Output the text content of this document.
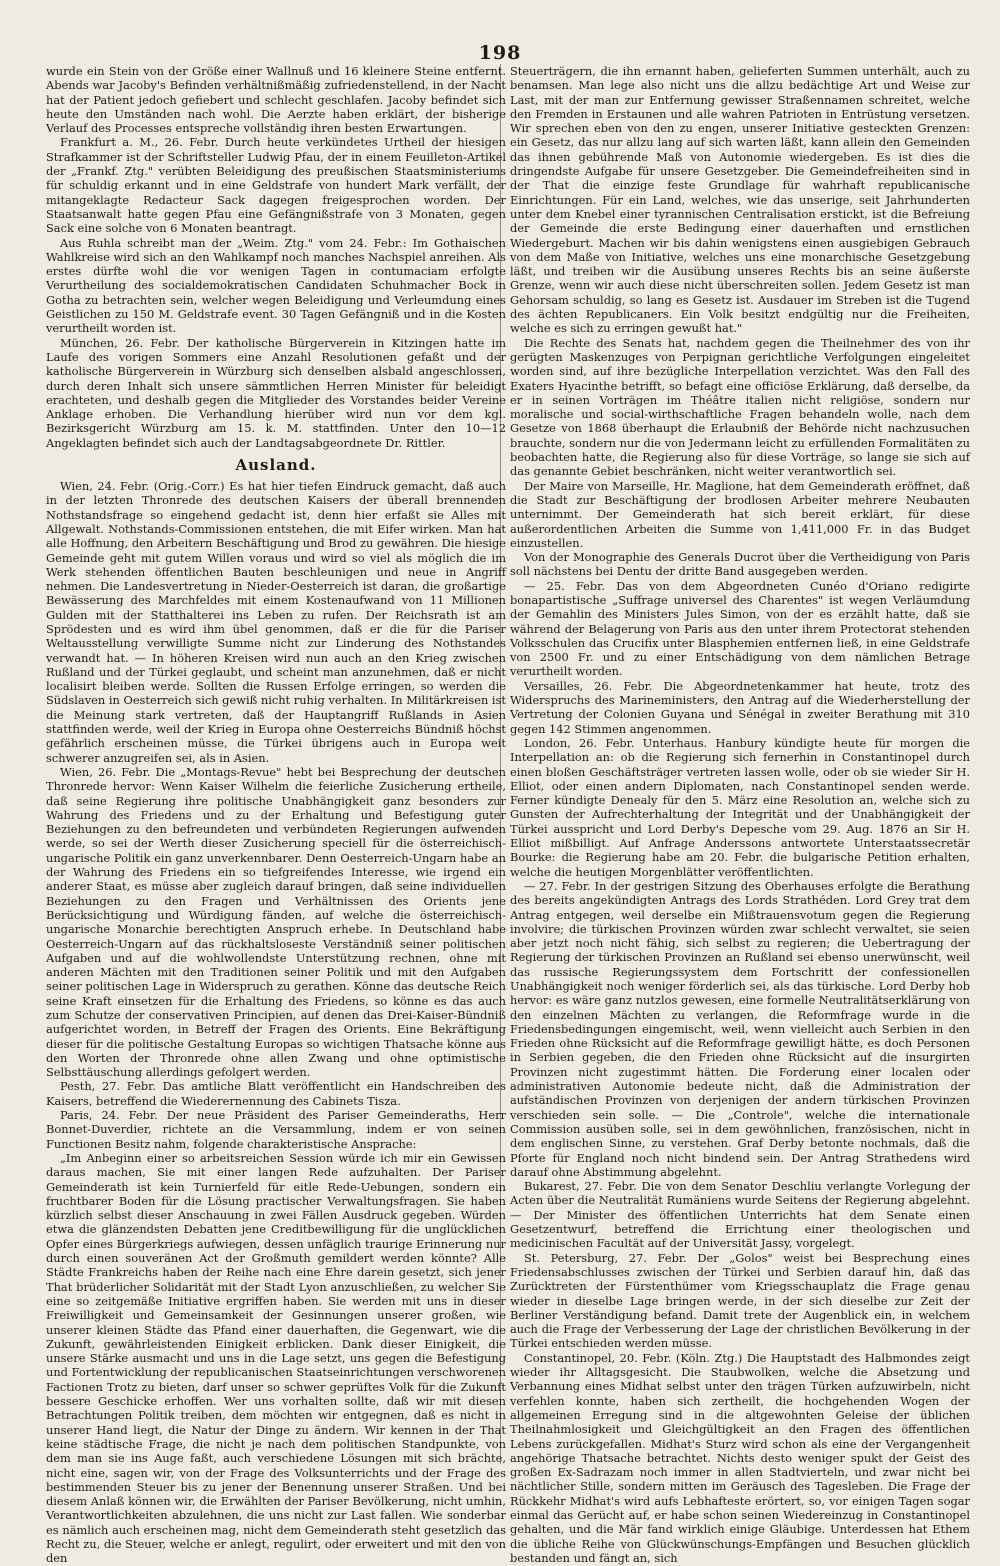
198

wurde ein Stein von der Größe einer Wallnuß und 16 kleinere Steine entfernt. Abends war Jacoby's Befinden verhältnißmäßig zufriedenstellend, in der Nacht hat der Patient jedoch gefiebert und schlecht geschlafen. Jacoby befindet sich heute den Umständen nach wohl. Die Aerzte haben erklärt, der bisherige Verlauf des Processes entspreche vollständig ihren besten Erwartungen.

Frankfurt a. M., 26. Febr. Durch heute verkündetes Urtheil der hiesigen Strafkammer ist der Schriftsteller Ludwig Pfau, der in einem Feuilleton-Artikel der „Frankf. Ztg." verübten Beleidigung des preußischen Staatsministeriums für schuldig erkannt und in eine Geldstrafe von hundert Mark verfällt, der mitangeklagte Redacteur Sack dagegen freigesprochen worden. Der Staatsanwalt hatte gegen Pfau eine Gefängnißstrafe von 3 Monaten, gegen Sack eine solche von 6 Monaten beantragt.

Aus Ruhla schreibt man der „Weim. Ztg." vom 24. Febr.: Im Gothaischen Wahlkreise wird sich an den Wahlkampf noch manches Nachspiel anreihen. Als erstes dürfte wohl die vor wenigen Tagen in contumaciam erfolgte Verurtheilung des socialdemokratischen Candidaten Schuhmacher Bock in Gotha zu betrachten sein, welcher wegen Beleidigung und Verleumdung eines Geistlichen zu 150 M. Geldstrafe event. 30 Tagen Gefängniß und in die Kosten verurtheilt worden ist.

München, 26. Febr. Der katholische Bürgerverein in Kitzingen hatte im Laufe des vorigen Sommers eine Anzahl Resolutionen gefaßt und der katholische Bürgerverein in Würzburg sich denselben alsbald angeschlossen, durch deren Inhalt sich unsere sämmtlichen Herren Minister für beleidigt erachteten, und deshalb gegen die Mitglieder des Vorstandes beider Vereine Anklage erhoben. Die Verhandlung hierüber wird nun vor dem kgl. Bezirksgericht Würzburg am 15. k. M. stattfinden. Unter den 10—12 Angeklagten befindet sich auch der Landtagsabgeordnete Dr. Rittler.

Ausland.

Wien, 24. Febr. (Orig.-Corr.) Es hat hier tiefen Eindruck gemacht, daß auch in der letzten Thronrede des deutschen Kaisers der überall brennenden Nothstandsfrage so eingehend gedacht ist, denn hier erfaßt sie Alles mit Allgewalt. Nothstands-Commissionen entstehen, die mit Eifer wirken. Man hat alle Hoffnung, den Arbeitern Beschäftigung und Brod zu gewähren. Die hiesige Gemeinde geht mit gutem Willen voraus und wird so viel als möglich die im Werk stehenden öffentlichen Bauten beschleunigen und neue in Angriff nehmen. Die Landesvertretung in Nieder-Oesterreich ist daran, die großartige Bewässerung des Marchfeldes mit einem Kostenaufwand von 11 Millionen Gulden mit der Statthalterei ins Leben zu rufen. Der Reichsrath ist am Sprödesten und es wird ihm übel genommen, daß er die für die Pariser Weltausstellung verwilligte Summe nicht zur Linderung des Nothstandes verwandt hat. — In höheren Kreisen wird nun auch an den Krieg zwischen Rußland und der Türkei geglaubt, und scheint man anzunehmen, daß er nicht localisirt bleiben werde. Sollten die Russen Erfolge erringen, so werden die Südslaven in Oesterreich sich gewiß nicht ruhig verhalten. In Militärkreisen ist die Meinung stark vertreten, daß der Hauptangriff Rußlands in Asien stattfinden werde, weil der Krieg in Europa ohne Oesterreichs Bündniß höchst gefährlich erscheinen müsse, die Türkei übrigens auch in Europa weit schwerer anzugreifen sei, als in Asien.

Wien, 26. Febr. Die „Montags-Revue" hebt bei Besprechung der deutschen Thronrede hervor: Wenn Kaiser Wilhelm die feierliche Zusicherung ertheile, daß seine Regierung ihre politische Unabhängigkeit ganz besonders zur Wahrung des Friedens und zu der Erhaltung und Befestigung guter Beziehungen zu den befreundeten und verbündeten Regierungen aufwenden werde, so sei der Werth dieser Zusicherung speciell für die österreichisch-ungarische Politik ein ganz unverkennbarer. Denn Oesterreich-Ungarn habe an der Wahrung des Friedens ein so tiefgreifendes Interesse, wie irgend ein anderer Staat, es müsse aber zugleich darauf bringen, daß seine individuellen Beziehungen zu den Fragen und Verhältnissen des Orients jene Berücksichtigung und Würdigung fänden, auf welche die österreichisch-ungarische Monarchie berechtigten Anspruch erhebe. In Deutschland habe Oesterreich-Ungarn auf das rückhaltsloseste Verständniß seiner politischen Aufgaben und auf die wohlwollendste Unterstützung rechnen, ohne mit anderen Mächten mit den Traditionen seiner Politik und mit den Aufgaben seiner politischen Lage in Widerspruch zu gerathen. Könne das deutsche Reich seine Kraft einsetzen für die Erhaltung des Friedens, so könne es das auch zum Schutze der conservativen Principien, auf denen das Drei-Kaiser-Bündniß aufgerichtet worden, in Betreff der Fragen des Orients. Eine Bekräftigung dieser für die politische Gestaltung Europas so wichtigen Thatsache könne aus den Worten der Thronrede ohne allen Zwang und ohne optimistische Selbsttäuschung allerdings gefolgert werden.

Pesth, 27. Febr. Das amtliche Blatt veröffentlicht ein Handschreiben des Kaisers, betreffend die Wiederernennung des Cabinets Tisza.

Paris, 24. Febr. Der neue Präsident des Pariser Gemeinderaths, Herr Bonnet-Duverdier, richtete an die Versammlung, indem er von seinen Functionen Besitz nahm, folgende charakteristische Ansprache:

„Im Anbeginn einer so arbeitsreichen Session würde ich mir ein Gewissen daraus machen, Sie mit einer langen Rede aufzuhalten. Der Pariser Gemeinderath ist kein Turnierfeld für eitle Rede-Uebungen, sondern ein fruchtbarer Boden für die Lösung practischer Verwaltungsfragen. Sie haben kürzlich selbst dieser Anschauung in zwei Fällen Ausdruck gegeben. Würden etwa die glänzendsten Debatten jene Creditbewilligung für die unglücklichen Opfer eines Bürgerkriegs aufwiegen, dessen unfäglich traurige Erinnerung nur durch einen souveränen Act der Großmuth gemildert werden könnte? Alle Städte Frankreichs haben der Reihe nach eine Ehre darein gesetzt, sich jener That brüderlicher Solidarität mit der Stadt Lyon anzuschließen, zu welcher Sie eine so zeitgemäße Initiative ergriffen haben. Sie werden mit uns in dieser Freiwilligkeit und Gemeinsamkeit der Gesinnungen unserer großen, wie unserer kleinen Städte das Pfand einer dauerhaften, die Gegenwart, wie die Zukunft, gewährleistenden Einigkeit erblicken. Dank dieser Einigkeit, die unsere Stärke ausmacht und uns in die Lage setzt, uns gegen die Befestigung und Fortentwicklung der republicanischen Staatseinrichtungen verschworenen Factionen Trotz zu bieten, darf unser so schwer geprüftes Volk für die Zukunft bessere Geschicke erhoffen. Wer uns vorhalten sollte, daß wir mit diesen Betrachtungen Politik treiben, dem möchten wir entgegnen, daß es nicht in unserer Hand liegt, die Natur der Dinge zu ändern. Wir kennen in der That keine städtische Frage, die nicht je nach dem politischen Standpunkte, von dem man sie ins Auge faßt, auch verschiedene Lösungen mit sich brächte, nicht eine, sagen wir, von der Frage des Volksunterrichts und der Frage des bestimmenden Steuer bis zu jener der Benennung unserer Straßen. Und bei diesem Anlaß können wir, die Erwählten der Pariser Bevölkerung, nicht umhin, Verantwortlichkeiten abzulehnen, die uns nicht zur Last fallen. Wie sonderbar es nämlich auch erscheinen mag, nicht dem Gemeinderath steht gesetzlich das Recht zu, die Steuer, welche er anlegt, regulirt, oder erweitert und mit den von den

Steuerträgern, die ihn ernannt haben, gelieferten Summen unterhält, auch zu benamsen. Man lege also nicht uns die allzu bedächtige Art und Weise zur Last, mit der man zur Entfernung gewisser Straßennamen schreitet, welche den Fremden in Erstaunen und alle wahren Patrioten in Entrüstung versetzen. Wir sprechen eben von den zu engen, unserer Initiative gesteckten Grenzen: ein Gesetz, das nur allzu lang auf sich warten läßt, kann allein den Gemeinden das ihnen gebührende Maß von Autonomie wiedergeben. Es ist dies die dringendste Aufgabe für unsere Gesetzgeber. Die Gemeindefreiheiten sind in der That die einzige feste Grundlage für wahrhaft republicanische Einrichtungen. Für ein Land, welches, wie das unserige, seit Jahrhunderten unter dem Knebel einer tyrannischen Centralisation erstickt, ist die Befreiung der Gemeinde die erste Bedingung einer dauerhaften und ernstlichen Wiedergeburt. Machen wir bis dahin wenigstens einen ausgiebigen Gebrauch von dem Maße von Initiative, welches uns eine monarchische Gesetzgebung läßt, und treiben wir die Ausübung unseres Rechts bis an seine äußerste Grenze, wenn wir auch diese nicht überschreiten sollen. Jedem Gesetz ist man Gehorsam schuldig, so lang es Gesetz ist. Ausdauer im Streben ist die Tugend des ächten Republicaners. Ein Volk besitzt endgültig nur die Freiheiten, welche es sich zu erringen gewußt hat."

Die Rechte des Senats hat, nachdem gegen die Theilnehmer des von ihr gerügten Maskenzuges von Perpignan gerichtliche Verfolgungen eingeleitet worden sind, auf ihre bezügliche Interpellation verzichtet. Was den Fall des Exaters Hyacinthe betrifft, so befagt eine officiöse Erklärung, daß derselbe, da er in seinen Vorträgen im Théâtre italien nicht religiöse, sondern nur moralische und social-wirthschaftliche Fragen behandeln wolle, nach dem Gesetze von 1868 überhaupt die Erlaubniß der Behörde nicht nachzusuchen brauchte, sondern nur die von Jedermann leicht zu erfüllenden Formalitäten zu beobachten hatte, die Regierung also für diese Vorträge, so lange sie sich auf das genannte Gebiet beschränken, nicht weiter verantwortlich sei.

Der Maire von Marseille, Hr. Maglione, hat dem Gemeinderath eröffnet, daß die Stadt zur Beschäftigung der brodlosen Arbeiter mehrere Neubauten unternimmt. Der Gemeinderath hat sich bereit erklärt, für diese außerordentlichen Arbeiten die Summe von 1,411,000 Fr. in das Budget einzustellen.

Von der Monographie des Generals Ducrot über die Vertheidigung von Paris soll nächstens bei Dentu der dritte Band ausgegeben werden.

— 25. Febr. Das von dem Abgeordneten Cunéo d'Oriano redigirte bonapartistische „Suffrage universel des Charentes" ist wegen Verläumdung der Gemahlin des Ministers Jules Simon, von der es erzählt hatte, daß sie während der Belagerung von Paris aus den unter ihrem Protectorat stehenden Volksschulen das Crucifix unter Blasphemien entfernen ließ, in eine Geldstrafe von 2500 Fr. und zu einer Entschädigung von dem nämlichen Betrage verurtheilt worden.

Versailles, 26. Febr. Die Abgeordnetenkammer hat heute, trotz des Widerspruchs des Marineministers, den Antrag auf die Wiederherstellung der Vertretung der Colonien Guyana und Sénégal in zweiter Berathung mit 310 gegen 142 Stimmen angenommen.

London, 26. Febr. Unterhaus. Hanbury kündigte heute für morgen die Interpellation an: ob die Regierung sich fernerhin in Constantinopel durch einen bloßen Geschäftsträger vertreten lassen wolle, oder ob sie wieder Sir H. Elliot, oder einen andern Diplomaten, nach Constantinopel senden werde. Ferner kündigte Denealy für den 5. März eine Resolution an, welche sich zu Gunsten der Aufrechterhaltung der Integrität und der Unabhängigkeit der Türkei ausspricht und Lord Derby's Depesche vom 29. Aug. 1876 an Sir H. Elliot mißbilligt. Auf Anfrage Anderssons antwortete Unterstaatssecretär Bourke: die Regierung habe am 20. Febr. die bulgarische Petition erhalten, welche die heutigen Morgenblätter veröffentlichten.

— 27. Febr. In der gestrigen Sitzung des Oberhauses erfolgte die Berathung des bereits angekündigten Antrags des Lords Strathéden. Lord Grey trat dem Antrag entgegen, weil derselbe ein Mißtrauensvotum gegen die Regierung involvire; die türkischen Provinzen würden zwar schlecht verwaltet, sie seien aber jetzt noch nicht fähig, sich selbst zu regieren; die Uebertragung der Regierung der türkischen Provinzen an Rußland sei ebenso unerwünscht, weil das russische Regierungssystem dem Fortschritt der confessionellen Unabhängigkeit noch weniger förderlich sei, als das türkische. Lord Derby hob hervor: es wäre ganz nutzlos gewesen, eine formelle Neutralitätserklärung von den einzelnen Mächten zu verlangen, die Reformfrage wurde in die Friedensbedingungen eingemischt, weil, wenn vielleicht auch Serbien in den Frieden ohne Rücksicht auf die Reformfrage gewilligt hätte, es doch Personen in Serbien gegeben, die den Frieden ohne Rücksicht auf die insurgirten Provinzen nicht zugestimmt hätten. Die Forderung einer localen oder administrativen Autonomie bedeute nicht, daß die Administration der aufständischen Provinzen von derjenigen der andern türkischen Provinzen verschieden sein solle. — Die „Controle", welche die internationale Commission ausüben solle, sei in dem gewöhnlichen, französischen, nicht in dem englischen Sinne, zu verstehen. Graf Derby betonte nochmals, daß die Pforte für England noch nicht bindend sein. Der Antrag Strathedens wird darauf ohne Abstimmung abgelehnt.

Bukarest, 27. Febr. Die von dem Senator Deschliu verlangte Vorlegung der Acten über die Neutralität Rumäniens wurde Seitens der Regierung abgelehnt. — Der Minister des öffentlichen Unterrichts hat dem Senate einen Gesetzentwurf, betreffend die Errichtung einer theologischen und medicinischen Facultät auf der Universität Jassy, vorgelegt.

St. Petersburg, 27. Febr. Der „Golos" weist bei Besprechung eines Friedensabschlusses zwischen der Türkei und Serbien darauf hin, daß das Zurücktreten der Fürstenthümer vom Kriegsschauplatz die Frage genau wieder in dieselbe Lage bringen werde, in der sich dieselbe zur Zeit der Berliner Verständigung befand. Damit trete der Augenblick ein, in welchem auch die Frage der Verbesserung der Lage der christlichen Bevölkerung in der Türkei entschieden werden müsse.

Constantinopel, 20. Febr. (Köln. Ztg.) Die Hauptstadt des Halbmondes zeigt wieder ihr Alltagsgesicht. Die Staubwolken, welche die Absetzung und Verbannung eines Midhat selbst unter den trägen Türken aufzuwirbeln, nicht verfehlen konnte, haben sich zertheilt, die hochgehenden Wogen der allgemeinen Erregung sind in die altgewohnten Geleise der üblichen Theilnahmlosigkeit und Gleichgültigkeit an den Fragen des öffentlichen Lebens zurückgefallen. Midhat's Sturz wird schon als eine der Vergangenheit angehörige Thatsache betrachtet. Nichts desto weniger spukt der Geist des großen Ex-Sadrazam noch immer in allen Stadtvierteln, und zwar nicht bei nächtlicher Stille, sondern mitten im Geräusch des Tagesleben. Die Frage der Rückkehr Midhat's wird aufs Lebhafteste erörtert, so, vor einigen Tagen sogar einmal das Gerücht auf, er habe schon seinen Wiedereinzug in Constantinopel gehalten, und die Mär fand wirklich einige Gläubige. Unterdessen hat Ethem die übliche Reihe von Glückwünschungs-Empfängen und Besuchen glücklich bestanden und fängt an, sich
